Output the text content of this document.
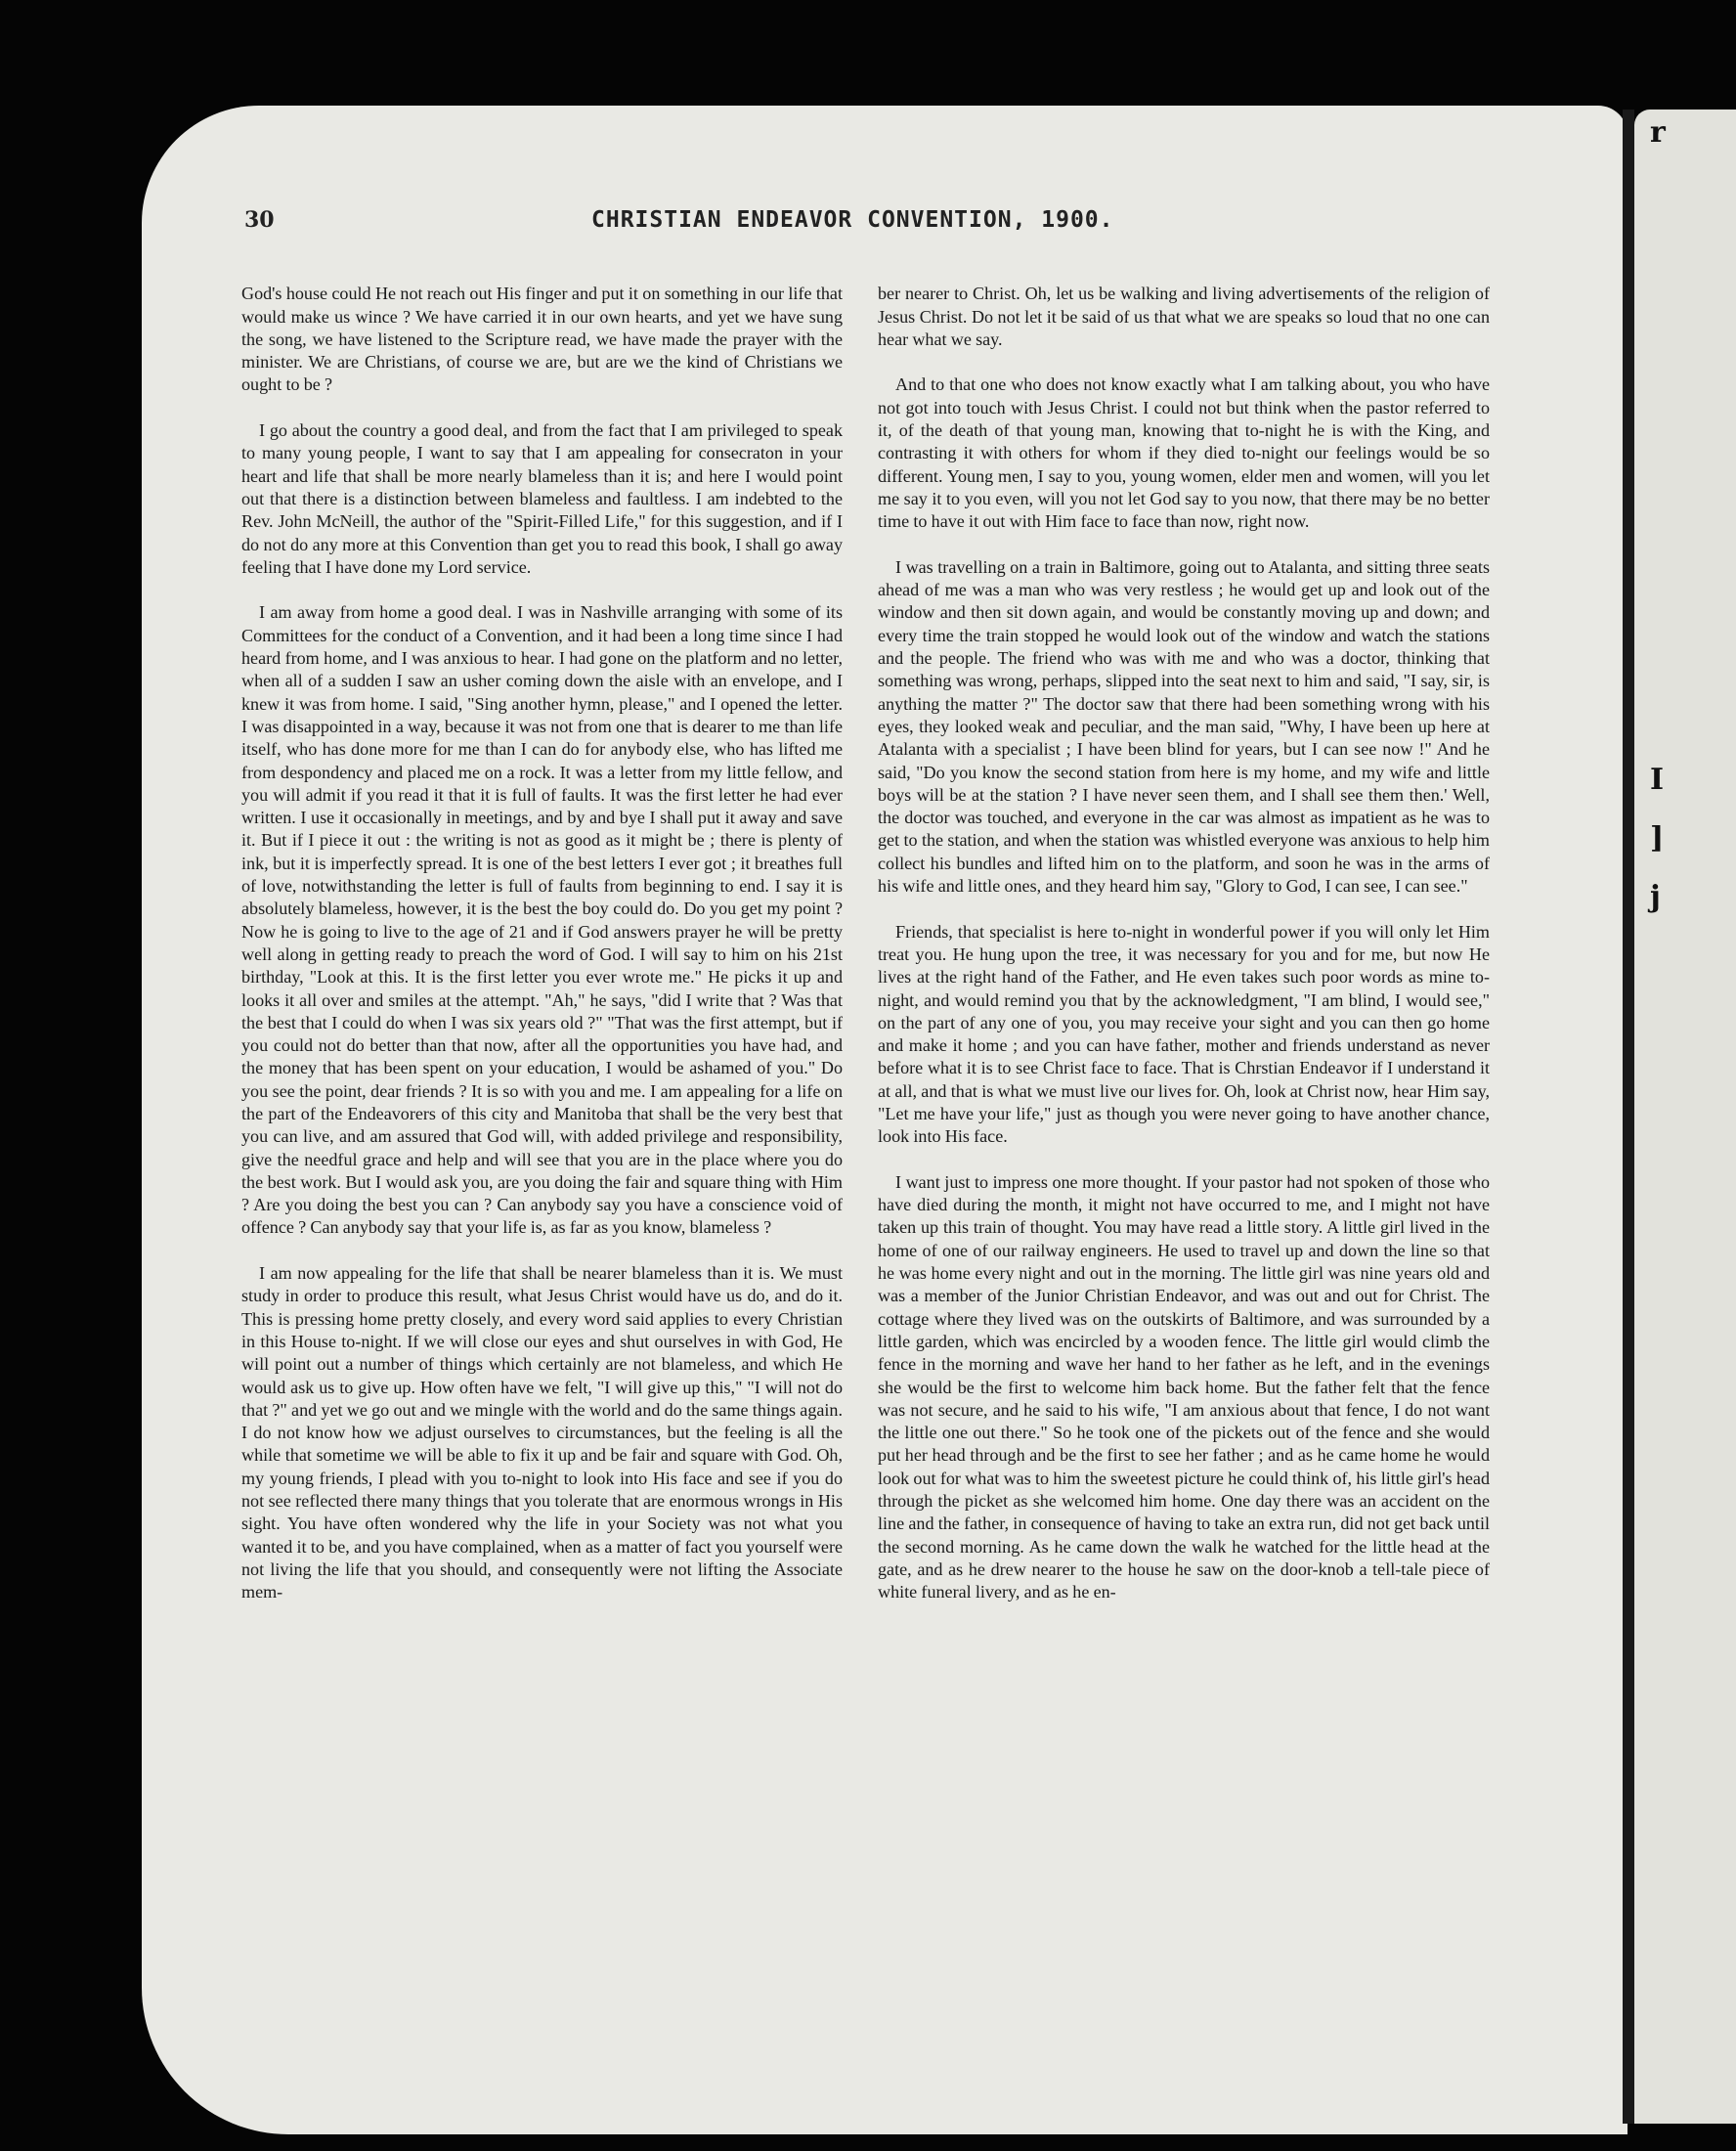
r
I
]
j
30	CHRISTIAN ENDEAVOR CONVENTION, 1900.

God's house could He not reach out His finger and put it on something in our life that would make us wince ? We have carried it in our own hearts, and yet we have sung the song, we have listened to the Scripture read, we have made the prayer with the minister. We are Christians, of course we are, but are we the kind of Christians we ought to be ?

I go about the country a good deal, and from the fact that I am privileged to speak to many young people, I want to say that I am appealing for consecraton in your heart and life that shall be more nearly blameless than it is; and here I would point out that there is a distinction between blameless and faultless. I am indebted to the Rev. John McNeill, the author of the "Spirit-Filled Life," for this suggestion, and if I do not do any more at this Convention than get you to read this book, I shall go away feeling that I have done my Lord service.

I am away from home a good deal. I was in Nashville arranging with some of its Committees for the conduct of a Convention, and it had been a long time since I had heard from home, and I was anxious to hear. I had gone on the platform and no letter, when all of a sudden I saw an usher coming down the aisle with an envelope, and I knew it was from home. I said, "Sing another hymn, please," and I opened the letter. I was disappointed in a way, because it was not from one that is dearer to me than life itself, who has done more for me than I can do for anybody else, who has lifted me from despondency and placed me on a rock. It was a letter from my little fellow, and you will admit if you read it that it is full of faults. It was the first letter he had ever written. I use it occasionally in meetings, and by and bye I shall put it away and save it. But if I piece it out : the writing is not as good as it might be ; there is plenty of ink, but it is imperfectly spread. It is one of the best letters I ever got ; it breathes full of love, notwithstanding the letter is full of faults from beginning to end. I say it is absolutely blameless, however, it is the best the boy could do. Do you get my point ? Now he is going to live to the age of 21 and if God answers prayer he will be pretty well along in getting ready to preach the word of God. I will say to him on his 21st birthday, "Look at this. It is the first letter you ever wrote me." He picks it up and looks it all over and smiles at the attempt. "Ah," he says, "did I write that ? Was that the best that I could do when I was six years old ?" "That was the first attempt, but if you could not do better than that now, after all the opportunities you have had, and the money that has been spent on your education, I would be ashamed of you." Do you see the point, dear friends ? It is so with you and me. I am appealing for a life on the part of the Endeavorers of this city and Manitoba that shall be the very best that you can live, and am assured that God will, with added privilege and responsibility, give the needful grace and help and will see that you are in the place where you do the best work. But I would ask you, are you doing the fair and square thing with Him ? Are you doing the best you can ? Can anybody say you have a conscience void of offence ? Can anybody say that your life is, as far as you know, blameless ?

I am now appealing for the life that shall be nearer blameless than it is. We must study in order to produce this result, what Jesus Christ would have us do, and do it. This is pressing home pretty closely, and every word said applies to every Christian in this House to-night. If we will close our eyes and shut ourselves in with God, He will point out a number of things which certainly are not blameless, and which He would ask us to give up. How often have we felt, "I will give up this," "I will not do that ?" and yet we go out and we mingle with the world and do the same things again. I do not know how we adjust ourselves to circumstances, but the feeling is all the while that sometime we will be able to fix it up and be fair and square with God. Oh, my young friends, I plead with you to-night to look into His face and see if you do not see reflected there many things that you tolerate that are enormous wrongs in His sight. You have often wondered why the life in your Society was not what you wanted it to be, and you have complained, when as a matter of fact you yourself were not living the life that you should, and consequently were not lifting the Associate mem-

ber nearer to Christ. Oh, let us be walking and living advertisements of the religion of Jesus Christ. Do not let it be said of us that what we are speaks so loud that no one can hear what we say.

And to that one who does not know exactly what I am talking about, you who have not got into touch with Jesus Christ. I could not but think when the pastor referred to it, of the death of that young man, knowing that to-night he is with the King, and contrasting it with others for whom if they died to-night our feelings would be so different. Young men, I say to you, young women, elder men and women, will you let me say it to you even, will you not let God say to you now, that there may be no better time to have it out with Him face to face than now, right now.

I was travelling on a train in Baltimore, going out to Atalanta, and sitting three seats ahead of me was a man who was very restless ; he would get up and look out of the window and then sit down again, and would be constantly moving up and down; and every time the train stopped he would look out of the window and watch the stations and the people. The friend who was with me and who was a doctor, thinking that something was wrong, perhaps, slipped into the seat next to him and said, "I say, sir, is anything the matter ?" The doctor saw that there had been something wrong with his eyes, they looked weak and peculiar, and the man said, "Why, I have been up here at Atalanta with a specialist ; I have been blind for years, but I can see now !" And he said, "Do you know the second station from here is my home, and my wife and little boys will be at the station ? I have never seen them, and I shall see them then.' Well, the doctor was touched, and everyone in the car was almost as impatient as he was to get to the station, and when the station was whistled everyone was anxious to help him collect his bundles and lifted him on to the platform, and soon he was in the arms of his wife and little ones, and they heard him say, "Glory to God, I can see, I can see."

Friends, that specialist is here to-night in wonderful power if you will only let Him treat you. He hung upon the tree, it was necessary for you and for me, but now He lives at the right hand of the Father, and He even takes such poor words as mine to-night, and would remind you that by the acknowledgment, "I am blind, I would see," on the part of any one of you, you may receive your sight and you can then go home and make it home ; and you can have father, mother and friends understand as never before what it is to see Christ face to face. That is Chrstian Endeavor if I understand it at all, and that is what we must live our lives for. Oh, look at Christ now, hear Him say, "Let me have your life," just as though you were never going to have another chance, look into His face.

I want just to impress one more thought. If your pastor had not spoken of those who have died during the month, it might not have occurred to me, and I might not have taken up this train of thought. You may have read a little story. A little girl lived in the home of one of our railway engineers. He used to travel up and down the line so that he was home every night and out in the morning. The little girl was nine years old and was a member of the Junior Christian Endeavor, and was out and out for Christ. The cottage where they lived was on the outskirts of Baltimore, and was surrounded by a little garden, which was encircled by a wooden fence. The little girl would climb the fence in the morning and wave her hand to her father as he left, and in the evenings she would be the first to welcome him back home. But the father felt that the fence was not secure, and he said to his wife, "I am anxious about that fence, I do not want the little one out there." So he took one of the pickets out of the fence and she would put her head through and be the first to see her father ; and as he came home he would look out for what was to him the sweetest picture he could think of, his little girl's head through the picket as she welcomed him home. One day there was an accident on the line and the father, in consequence of having to take an extra run, did not get back until the second morning. As he came down the walk he watched for the little head at the gate, and as he drew nearer to the house he saw on the door-knob a tell-tale piece of white funeral livery, and as he en-
